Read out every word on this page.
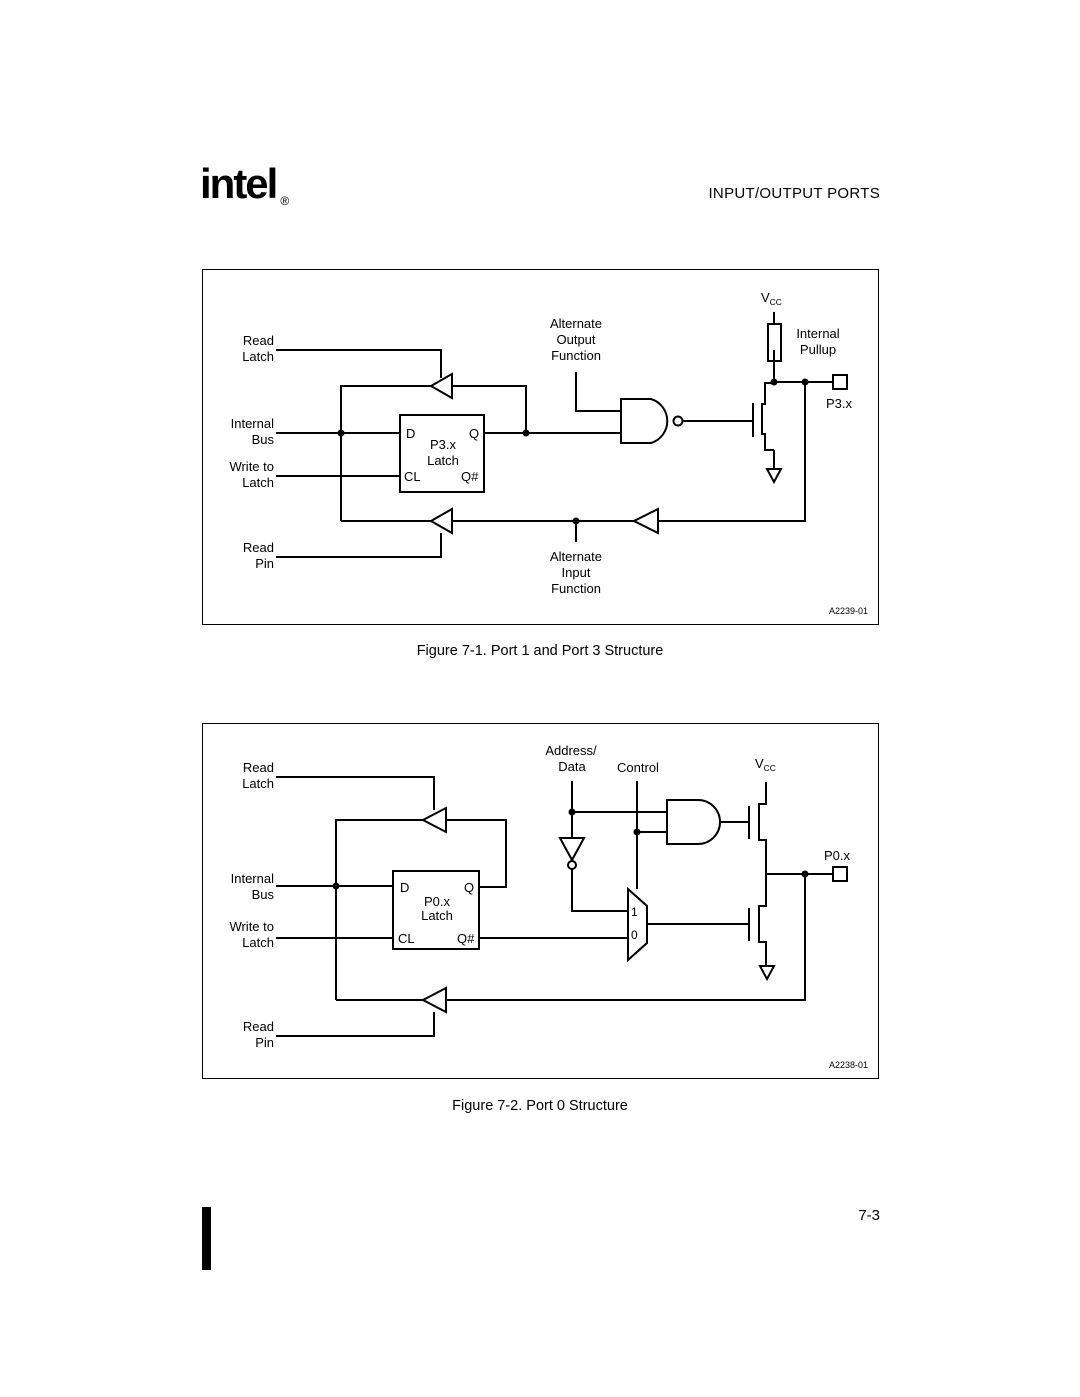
intel ®	INPUT/OUTPUT PORTS
$V_{CC}$
Alternate
Output
Function
Internal
Pullup
Read
Latch
Internal
Bus
Write to
Latch
Read
Pin
P3.x
D	Q
P3.x
Latch
CL	Q#
Alternate
Input
Function
A2239-01
Figure 7-1. Port 1 and Port 3 Structure
Address/
Data Control	$V_{CC}$
Read
Latch
P0.x
Internal
Bus
Write to
Latch
Read
Pin
D	Q
P0.x
Latch
CL	Q#
1
0
A2238-01
Figure 7-2. Port 0 Structure
7-3
